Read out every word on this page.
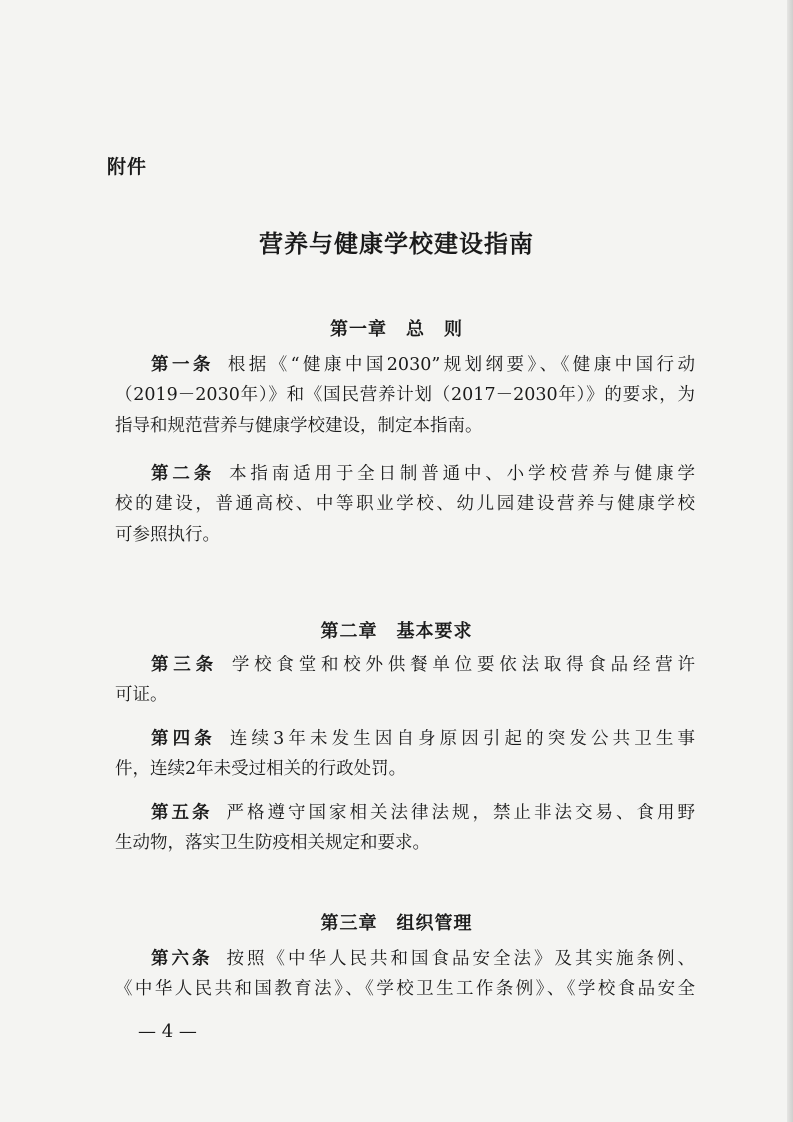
附件
营养与健康学校建设指南
第一章　总　则
第一条 根据《“健康中国2030”规划纲要》、《健康中国行动
（2019－2030年）》和《国民营养计划（2017－2030年）》的要求，为
指导和规范营养与健康学校建设，制定本指南。
第二条 本指南适用于全日制普通中、小学校营养与健康学
校的建设，普通高校、中等职业学校、幼儿园建设营养与健康学校
可参照执行。
第二章　基本要求
第三条 学校食堂和校外供餐单位要依法取得食品经营许
可证。
第四条 连续3年未发生因自身原因引起的突发公共卫生事
件，连续2年未受过相关的行政处罚。
第五条 严格遵守国家相关法律法规，禁止非法交易、食用野
生动物，落实卫生防疫相关规定和要求。
第三章　组织管理
第六条 按照《中华人民共和国食品安全法》及其实施条例、
《中华人民共和国教育法》、《学校卫生工作条例》、《学校食品安全
— 4 —
